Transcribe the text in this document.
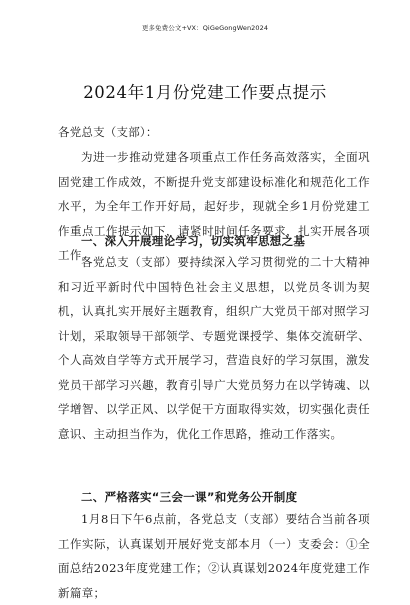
更多免费公文+VX：QiGeGongWen2024
2024年1月份党建工作要点提示
各党总支（支部）：

为进一步推动党建各项重点工作任务高效落实，全面巩固党建工作成效，不断提升党支部建设标准化和规范化工作水平，为全年工作开好局，起好步，现就全乡1月份党建工作重点工作提示如下，请紧时时间任务要求，扎实开展各项工作。

一、深入开展理论学习，切实筑牢思想之基

各党总支（支部）要持续深入学习贯彻党的二十大精神和习近平新时代中国特色社会主义思想，以党员冬训为契机，认真扎实开展好主题教育，组织广大党员干部对照学习计划，采取领导干部领学、专题党课授学、集体交流研学、个人高效自学等方式开展学习，营造良好的学习氛围，激发党员干部学习兴趣，教育引导广大党员努力在以学铸魂、以学增智、以学正风、以学促干方面取得实效，切实强化责任意识、主动担当作为，优化工作思路，推动工作落实。

二、严格落实“三会一课”和党务公开制度

1月8日下午6点前，各党总支（支部）要结合当前各项工作实际，认真谋划开展好党支部本月（一）支委会：①全面总结2023年度党建工作；②认真谋划2024年度党建工作新篇章；
